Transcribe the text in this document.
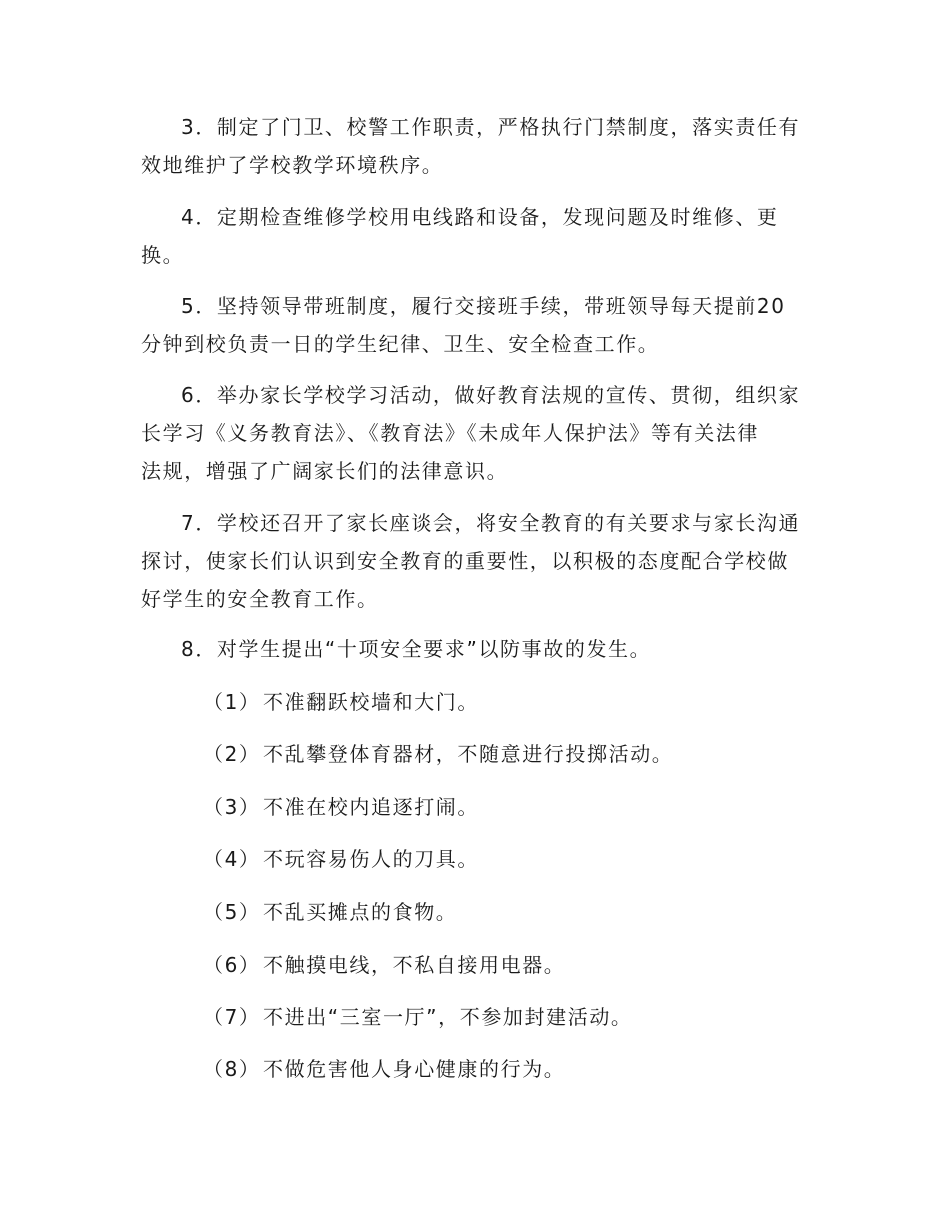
3．制定了门卫、校警工作职责，严格执行门禁制度，落实责任有
效地维护了学校教学环境秩序。
4．定期检查维修学校用电线路和设备，发现问题及时维修、更
换。
5．坚持领导带班制度，履行交接班手续，带班领导每天提前20
分钟到校负责一日的学生纪律、卫生、安全检查工作。
6．举办家长学校学习活动，做好教育法规的宣传、贯彻，组织家
长学习《义务教育法》、《教育法》《未成年人保护法》等有关法律
法规，增强了广阔家长们的法律意识。
7．学校还召开了家长座谈会，将安全教育的有关要求与家长沟通
探讨，使家长们认识到安全教育的重要性，以积极的态度配合学校做
好学生的安全教育工作。
8．对学生提出“十项安全要求”以防事故的发生。
（1） 不准翻跃校墙和大门。
（2） 不乱攀登体育器材，不随意进行投掷活动。
（3） 不准在校内追逐打闹。
（4） 不玩容易伤人的刀具。
（5） 不乱买摊点的食物。
（6） 不触摸电线，不私自接用电器。
（7） 不进出“三室一厅”，不参加封建活动。
（8） 不做危害他人身心健康的行为。
